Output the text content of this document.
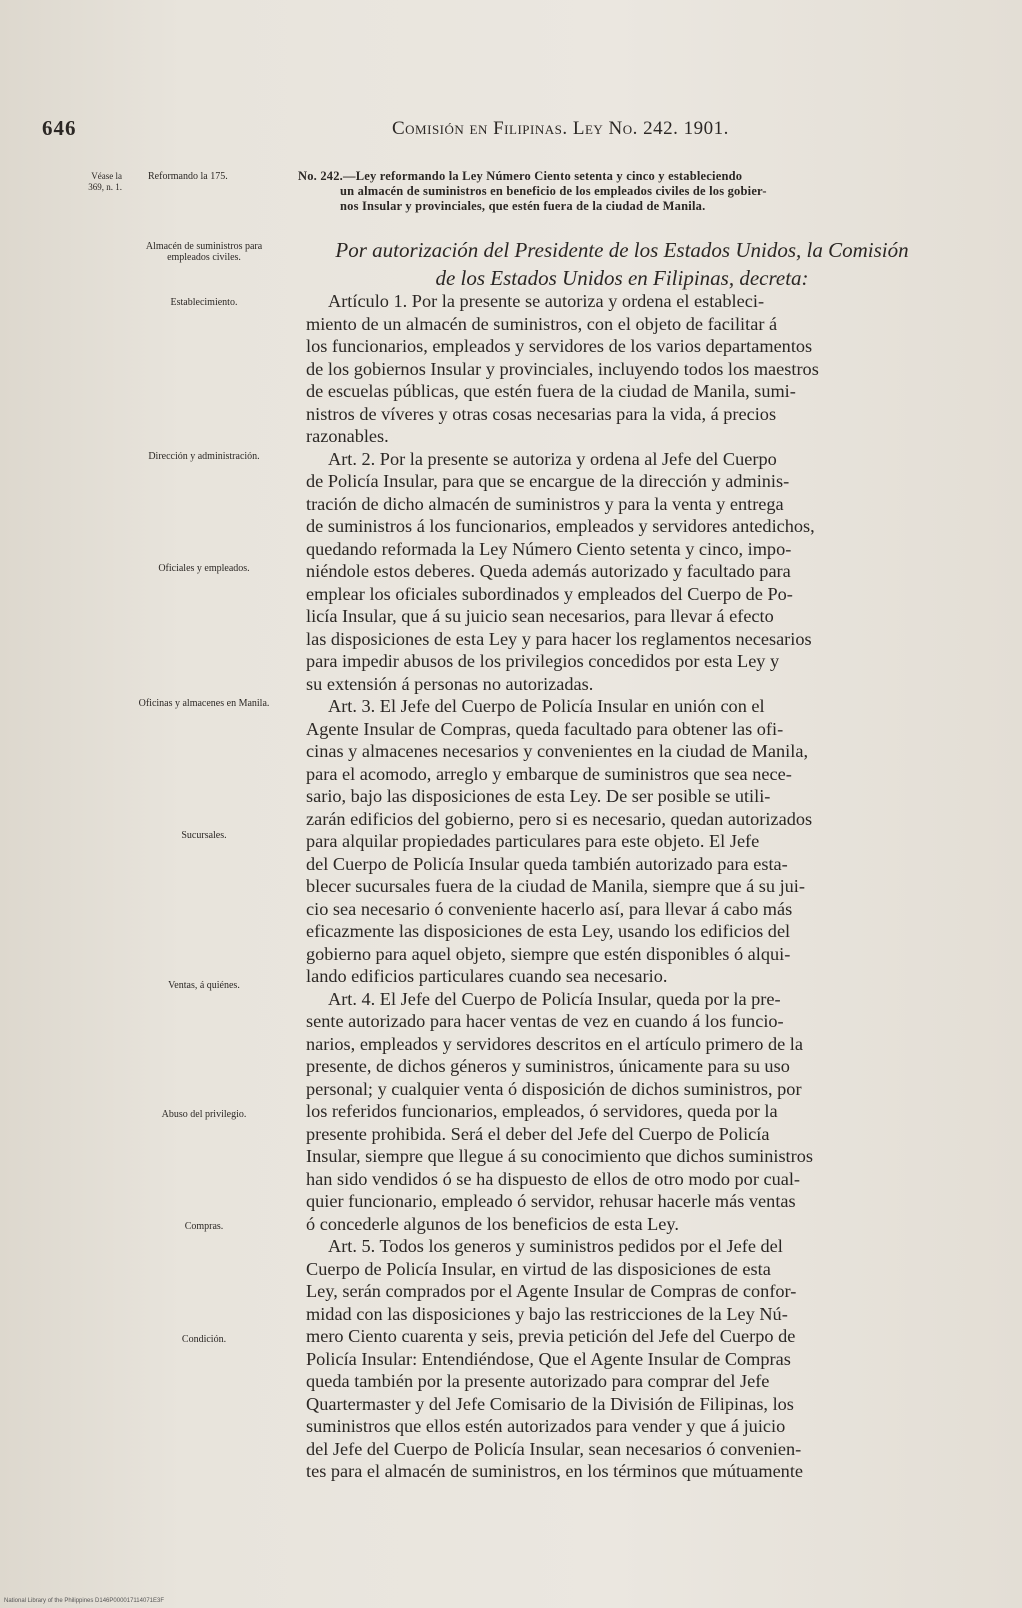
646	Comisión en Filipinas. Ley No. 242. 1901.
Véase la
369, n. 1.
Reformando la 175.	No. 242.—Ley reformando la Ley Número Ciento setenta y cinco y estableciendo
un almacén de suministros en beneficio de los empleados civiles de los gobier-
nos Insular y provinciales, que estén fuera de la ciudad de Manila.
Por autorización del Presidente de los Estados Unidos, la Comisión
de los Estados Unidos en Filipinas, decreta:
Almacén de suministros para empleados civiles.
Establecimiento.
Dirección y administración.
Oficiales y empleados.
Oficinas y almacenes en Manila.
Sucursales.
Ventas, á quiénes.
Abuso del privilegio.
Compras.
Condición.
Artículo 1. Por la presente se autoriza y ordena el estableci-
miento de un almacén de suministros, con el objeto de facilitar á
los funcionarios, empleados y servidores de los varios departamentos
de los gobiernos Insular y provinciales, incluyendo todos los maestros
de escuelas públicas, que estén fuera de la ciudad de Manila, sumi-
nistros de víveres y otras cosas necesarias para la vida, á precios
razonables.
Art. 2. Por la presente se autoriza y ordena al Jefe del Cuerpo
de Policía Insular, para que se encargue de la dirección y adminis-
tración de dicho almacén de suministros y para la venta y entrega
de suministros á los funcionarios, empleados y servidores antedichos,
quedando reformada la Ley Número Ciento setenta y cinco, impo-
niéndole estos deberes. Queda además autorizado y facultado para
emplear los oficiales subordinados y empleados del Cuerpo de Po-
licía Insular, que á su juicio sean necesarios, para llevar á efecto
las disposiciones de esta Ley y para hacer los reglamentos necesarios
para impedir abusos de los privilegios concedidos por esta Ley y
su extensión á personas no autorizadas.
Art. 3. El Jefe del Cuerpo de Policía Insular en unión con el
Agente Insular de Compras, queda facultado para obtener las ofi-
cinas y almacenes necesarios y convenientes en la ciudad de Manila,
para el acomodo, arreglo y embarque de suministros que sea nece-
sario, bajo las disposiciones de esta Ley. De ser posible se utili-
zarán edificios del gobierno, pero si es necesario, quedan autorizados
para alquilar propiedades particulares para este objeto. El Jefe
del Cuerpo de Policía Insular queda también autorizado para esta-
blecer sucursales fuera de la ciudad de Manila, siempre que á su jui-
cio sea necesario ó conveniente hacerlo así, para llevar á cabo más
eficazmente las disposiciones de esta Ley, usando los edificios del
gobierno para aquel objeto, siempre que estén disponibles ó alqui-
lando edificios particulares cuando sea necesario.
Art. 4. El Jefe del Cuerpo de Policía Insular, queda por la pre-
sente autorizado para hacer ventas de vez en cuando á los funcio-
narios, empleados y servidores descritos en el artículo primero de la
presente, de dichos géneros y suministros, únicamente para su uso
personal; y cualquier venta ó disposición de dichos suministros, por
los referidos funcionarios, empleados, ó servidores, queda por la
presente prohibida. Será el deber del Jefe del Cuerpo de Policía
Insular, siempre que llegue á su conocimiento que dichos suministros
han sido vendidos ó se ha dispuesto de ellos de otro modo por cual-
quier funcionario, empleado ó servidor, rehusar hacerle más ventas
ó concederle algunos de los beneficios de esta Ley.
Art. 5. Todos los generos y suministros pedidos por el Jefe del
Cuerpo de Policía Insular, en virtud de las disposiciones de esta
Ley, serán comprados por el Agente Insular de Compras de confor-
midad con las disposiciones y bajo las restricciones de la Ley Nú-
mero Ciento cuarenta y seis, previa petición del Jefe del Cuerpo de
Policía Insular: Entendiéndose, Que el Agente Insular de Compras
queda también por la presente autorizado para comprar del Jefe
Quartermaster y del Jefe Comisario de la División de Filipinas, los
suministros que ellos estén autorizados para vender y que á juicio
del Jefe del Cuerpo de Policía Insular, sean necesarios ó convenien-
tes para el almacén de suministros, en los términos que mútuamente
National Library of the Philippines D146P000017114071E3F
